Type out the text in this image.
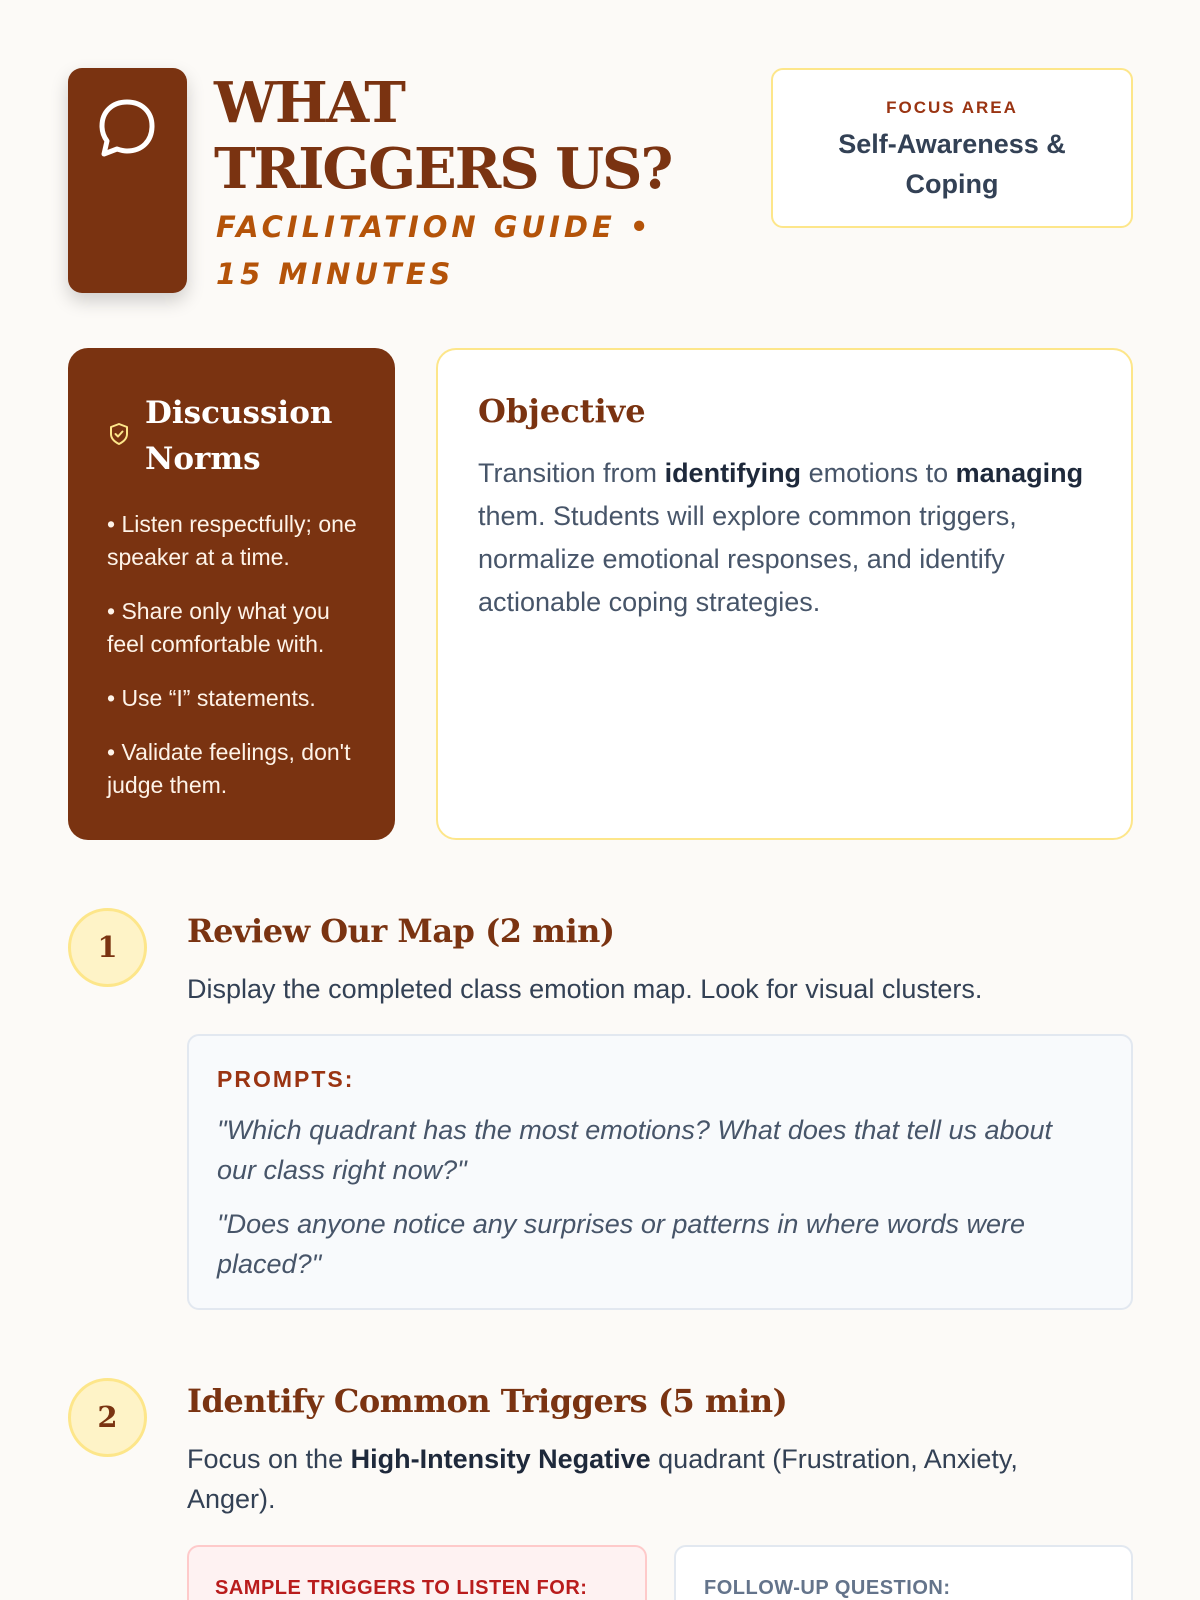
WHAT TRIGGERS US?
FACILITATION GUIDE • 15 MINUTES
FOCUS AREA
Self-Awareness & Coping
Discussion Norms
• Listen respectfully; one speaker at a time.
• Share only what you feel comfortable with.
• Use “I” statements.
• Validate feelings, don't judge them.
Objective

Transition from identifying emotions to managing them. Students will explore common triggers, normalize emotional responses, and identify actionable coping strategies.

1	Review Our Map (2 min)

Display the completed class emotion map. Look for visual clusters.

PROMPTS:

"Which quadrant has the most emotions? What does that tell us about our class right now?"

"Does anyone notice any surprises or patterns in where words were placed?"

2	Identify Common Triggers (5 min)

Focus on the High-Intensity Negative quadrant (Frustration, Anxiety, Anger).

SAMPLE TRIGGERS TO LISTEN FOR:	FOLLOW-UP QUESTION:
